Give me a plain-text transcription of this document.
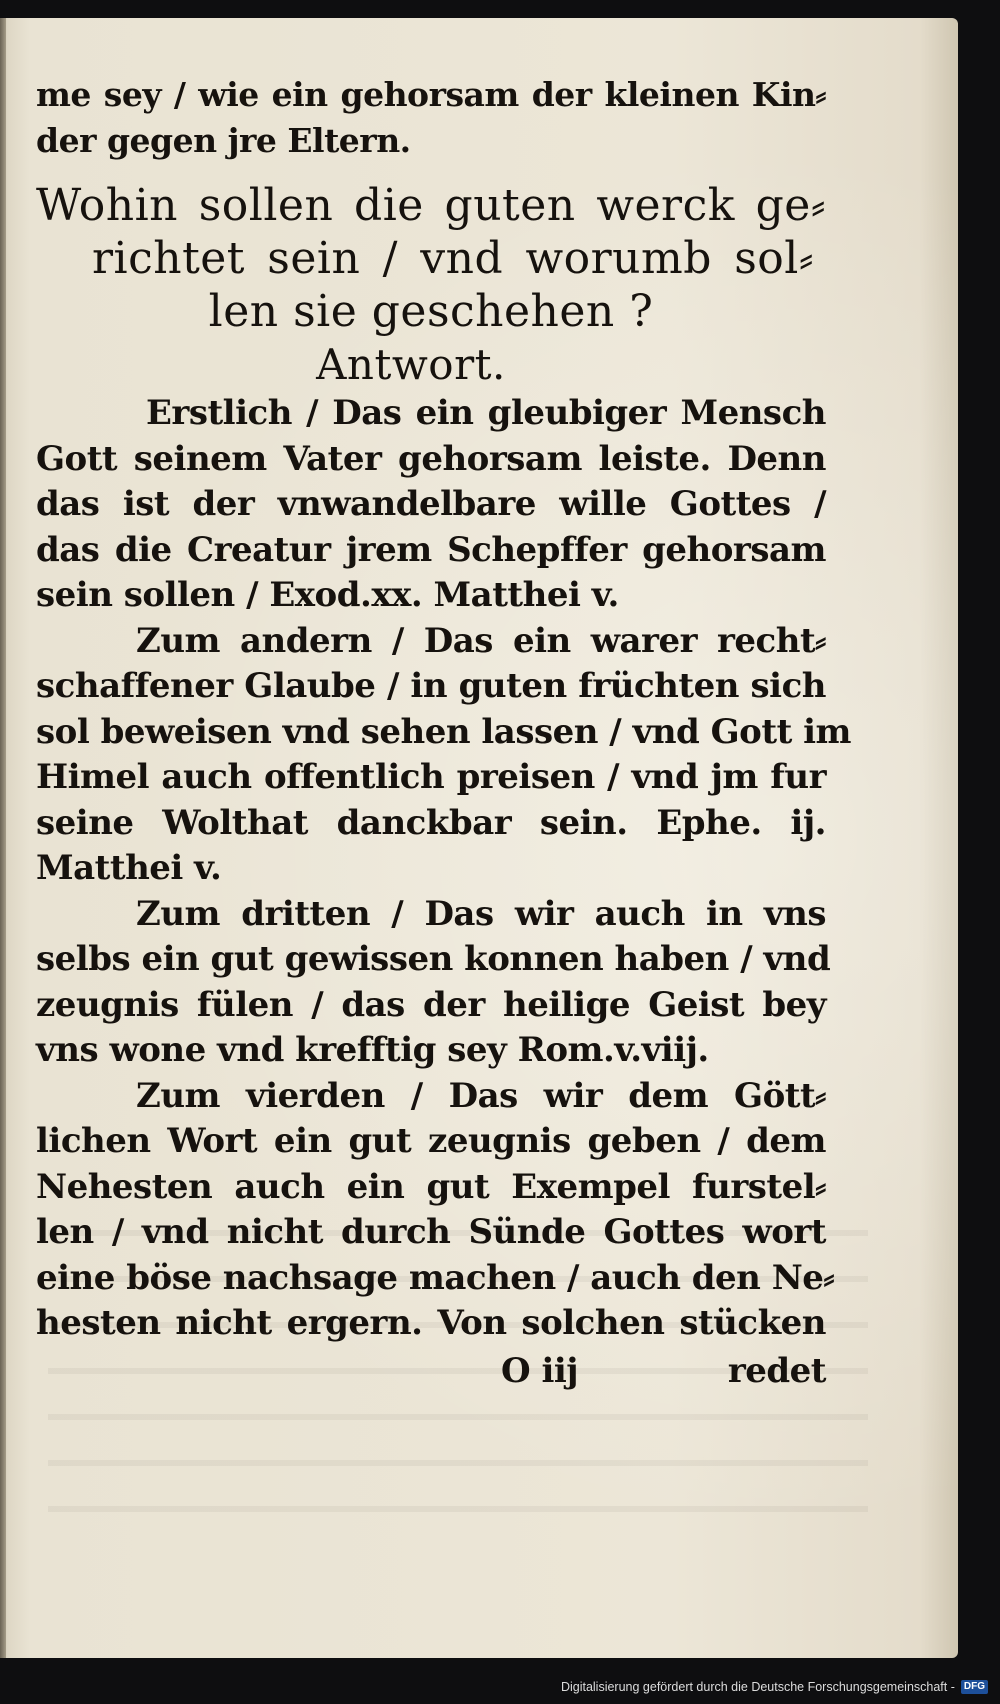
me sey / wie ein gehorsam der kleinen Kin⸗
der gegen jre Eltern.
Wohin sollen die guten werck ge⸗
richtet sein / vnd worumb sol⸗
len sie geschehen ?
Antwort.
Erstlich / Das ein gleubiger Mensch
Gott seinem Vater gehorsam leiste. Denn
das ist der vnwandelbare wille Gottes /
das die Creatur jrem Schepffer gehorsam
sein sollen / Exod.xx. Matthei v.
Zum andern / Das ein warer recht⸗
schaffener Glaube / in guten früchten sich
sol beweisen vnd sehen lassen / vnd Gott im
Himel auch offentlich preisen / vnd jm fur
seine Wolthat danckbar sein. Ephe. ij.
Matthei v.
Zum dritten / Das wir auch in vns
selbs ein gut gewissen konnen haben / vnd
zeugnis fülen / das der heilige Geist bey
vns wone vnd krefftig sey Rom.v.viij.
Zum vierden / Das wir dem Gött⸗
lichen Wort ein gut zeugnis geben / dem
Nehesten auch ein gut Exempel furstel⸗
len / vnd nicht durch Sünde Gottes wort
eine böse nachsage machen / auch den Ne⸗
hesten nicht ergern. Von solchen stücken
O iij	redet
Digitalisierung gefördert durch die Deutsche Forschungsgemeinschaft - DFG
